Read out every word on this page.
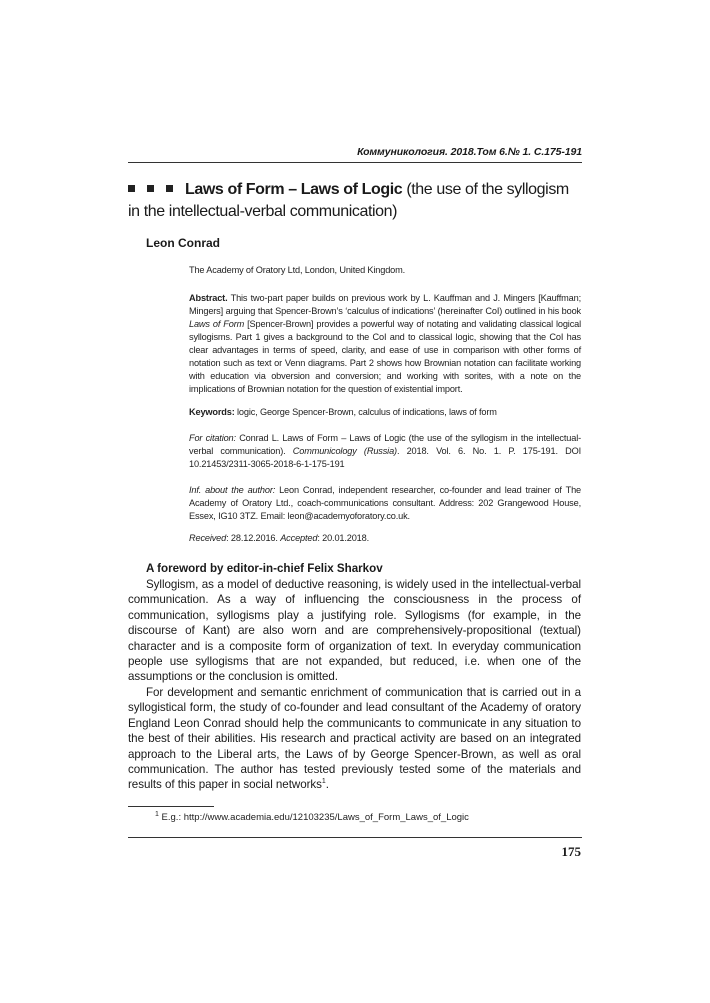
Коммуникология. 2018.Том 6.№ 1. С.175-191
Laws of Form – Laws of Logic (the use of the syllogism in the intellectual-verbal communication)
Leon Conrad
The Academy of Oratory Ltd, London, United Kingdom.
Abstract. This two-part paper builds on previous work by L. Kauffman and J. Mingers [Kauffman; Mingers] arguing that Spencer-Brown’s ‘calculus of indications’ (hereinafter CoI) outlined in his book Laws of Form [Spencer-Brown] provides a powerful way of notating and validating classical logical syllogisms. Part 1 gives a background to the CoI and to classical logic, showing that the CoI has clear advantages in terms of speed, clarity, and ease of use in comparison with other forms of notation such as text or Venn diagrams. Part 2 shows how Brownian notation can facilitate working with education via obversion and conversion; and working with sorites, with a note on the implications of Brownian notation for the question of existential import.
Keywords: logic, George Spencer-Brown, calculus of indications, laws of form
For citation: Conrad L. Laws of Form – Laws of Logic (the use of the syllogism in the intellectual-verbal communication). Communicology (Russia). 2018. Vol. 6. No. 1. P. 175-191. DOI 10.21453/2311-3065-2018-6-1-175-191
Inf. about the author: Leon Conrad, independent researcher, co-founder and lead trainer of The Academy of Oratory Ltd., coach-communications consultant. Address: 202 Grangewood House, Essex, IG10 3TZ. Email: leon@academyoforatory.co.uk.
Received: 28.12.2016. Accepted: 20.01.2018.
A foreword by editor-in-chief Felix Sharkov
Syllogism, as a model of deductive reasoning, is widely used in the intellectual-verbal communication. As a way of influencing the consciousness in the process of communication, syllogisms play a justifying role. Syllogisms (for example, in the discourse of Kant) are also worn and are comprehensively-propositional (textual) character and is a composite form of organization of text. In everyday communication people use syllogisms that are not expanded, but reduced, i.e. when one of the assumptions or the conclusion is omitted.
For development and semantic enrichment of communication that is carried out in a syllogistical form, the study of co-founder and lead consultant of the Academy of oratory England Leon Conrad should help the communicants to communicate in any situation to the best of their abilities. His research and practical activity are based on an integrated approach to the Liberal arts, the Laws of by George Spencer-Brown, as well as oral communication. The author has tested previously tested some of the materials and results of this paper in social networks$^1$.
$^1$ E.g.: http://www.academia.edu/12103235/Laws_of_Form_Laws_of_Logic
175
